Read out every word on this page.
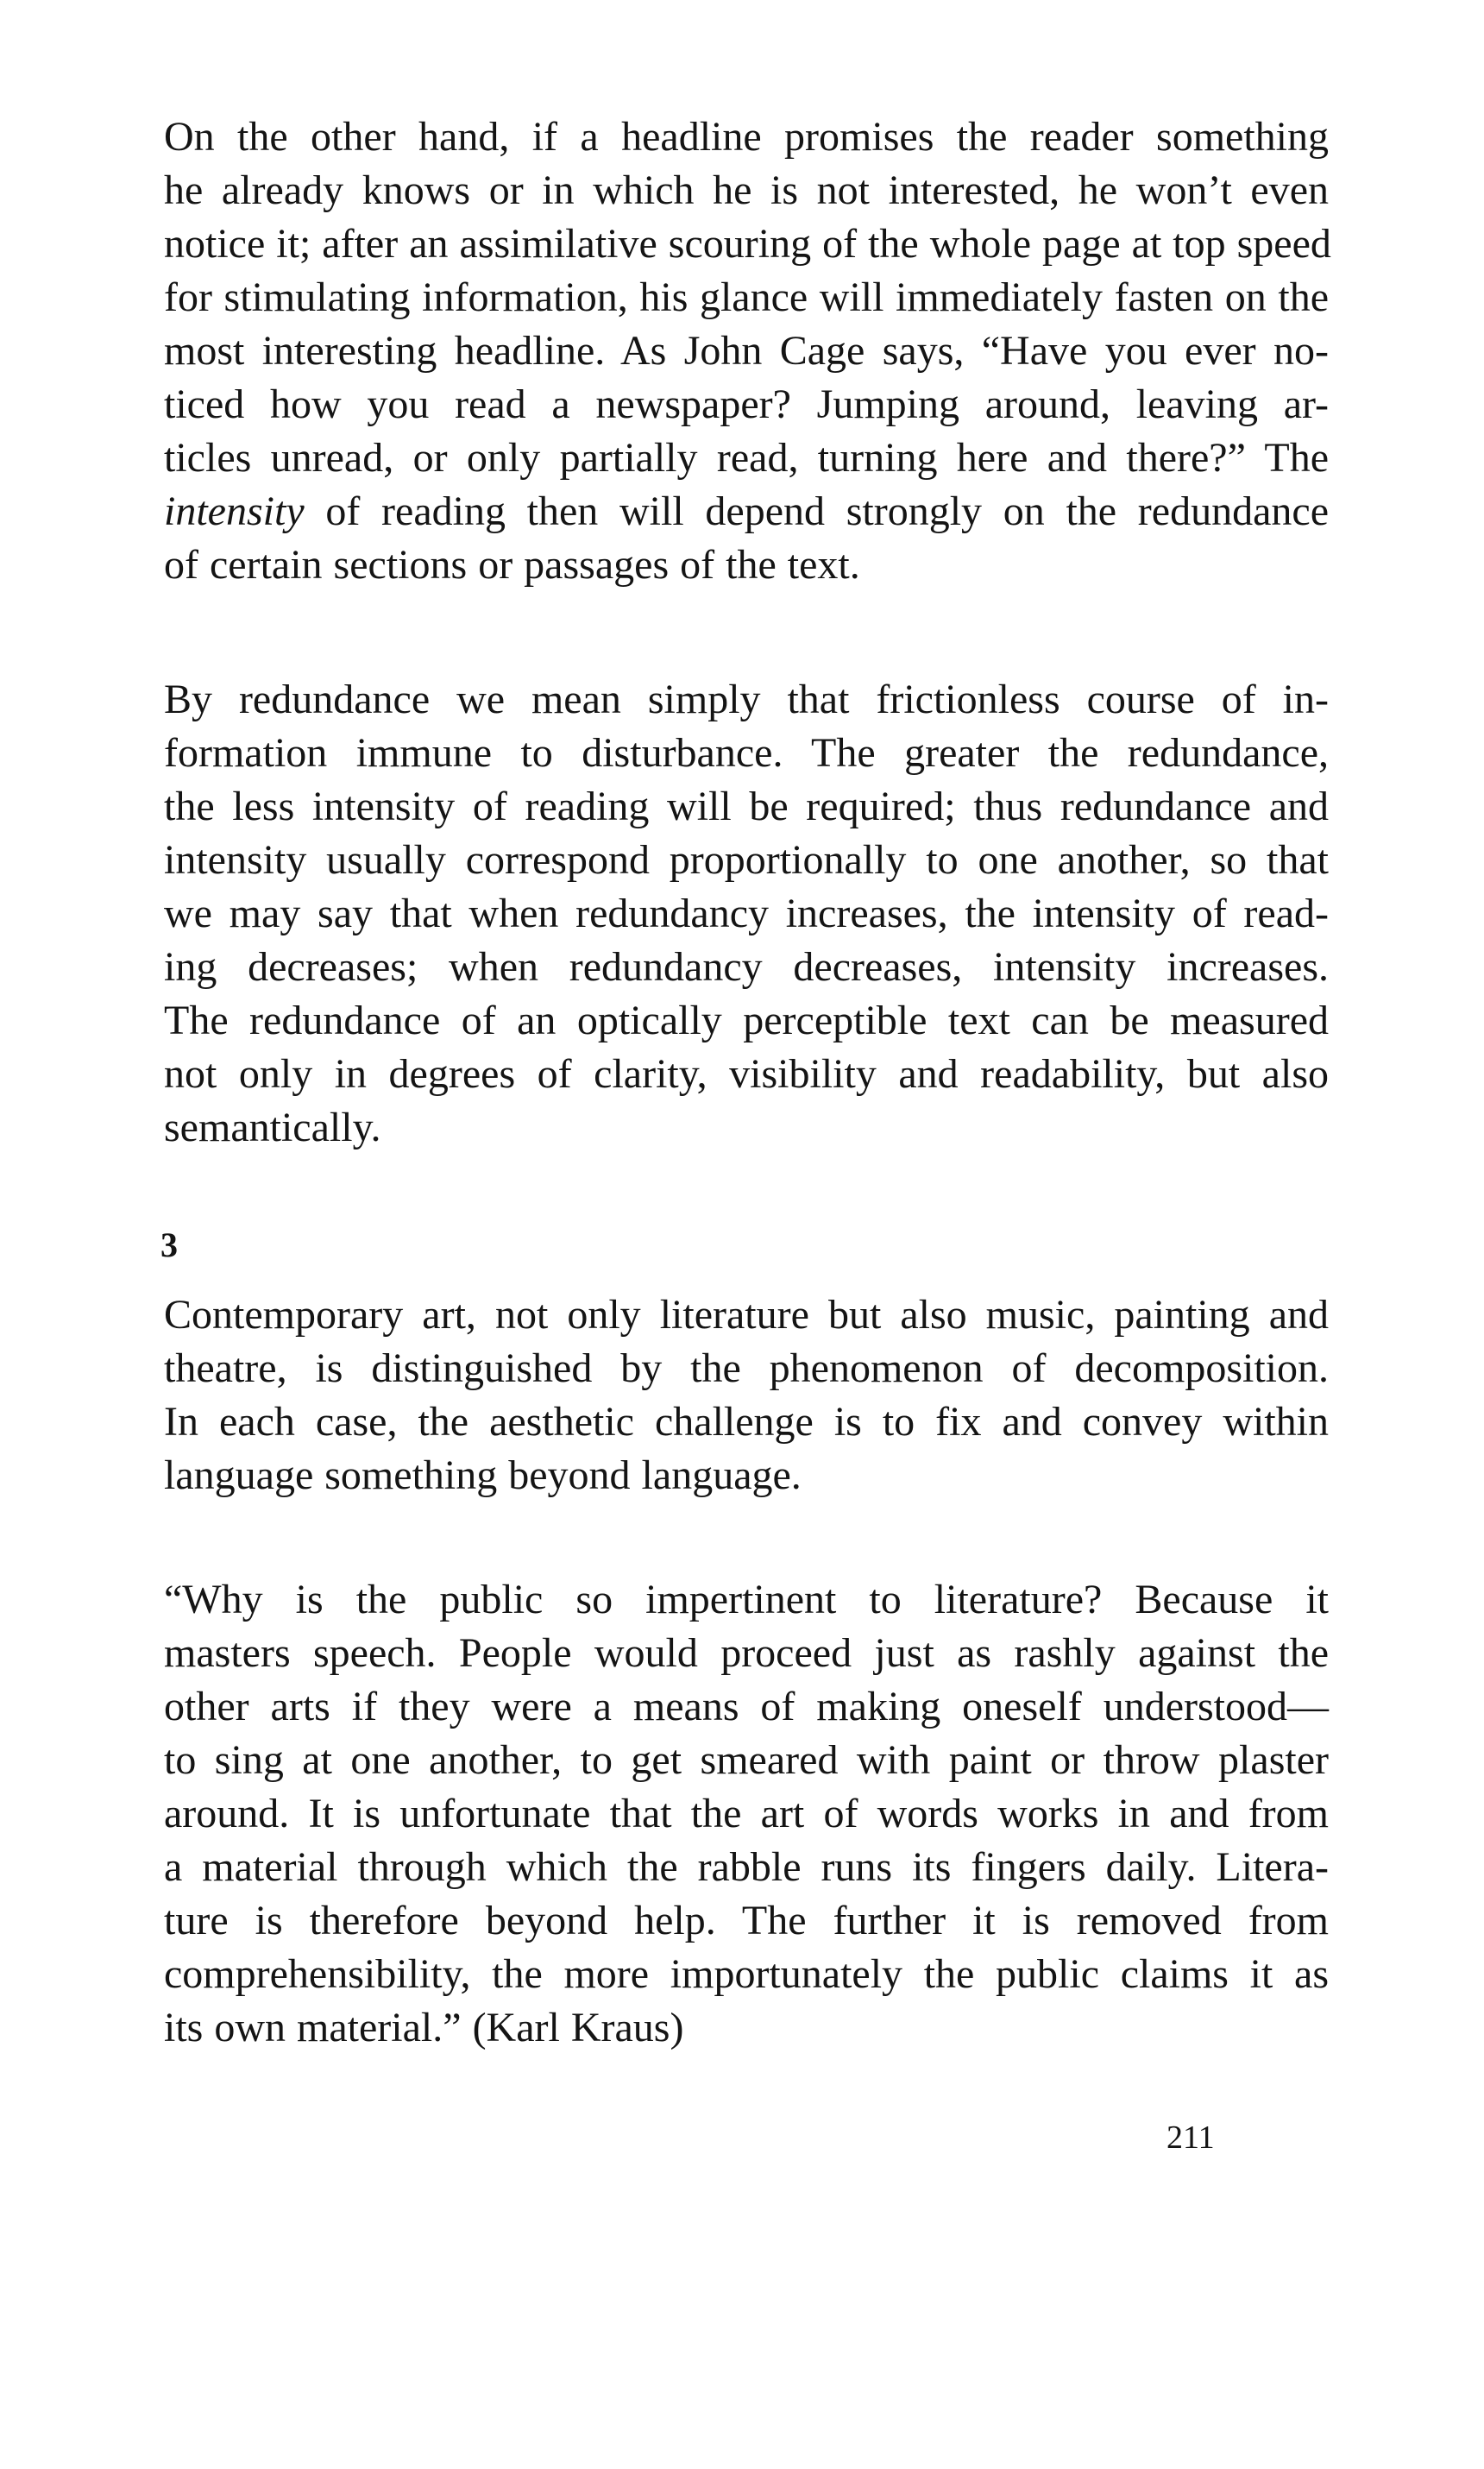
On the other hand, if a headline promises the reader something
he already knows or in which he is not interested, he won’t even
notice it; after an assimilative scouring of the whole page at top speed
for stimulating information, his glance will immediately fasten on the
most interesting headline. As John Cage says, “Have you ever no-
ticed how you read a newspaper? Jumping around, leaving ar-
ticles unread, or only partially read, turning here and there?” The
intensity of reading then will depend strongly on the redundance
of certain sections or passages of the text.
By redundance we mean simply that frictionless course of in-
formation immune to disturbance. The greater the redundance,
the less intensity of reading will be required; thus redundance and
intensity usually correspond proportionally to one another, so that
we may say that when redundancy increases, the intensity of read-
ing decreases; when redundancy decreases, intensity increases.
The redundance of an optically perceptible text can be measured
not only in degrees of clarity, visibility and readability, but also
semantically.
3
Contemporary art, not only literature but also music, painting and
theatre, is distinguished by the phenomenon of decomposition.
In each case, the aesthetic challenge is to fix and convey within
language something beyond language.
“Why is the public so impertinent to literature? Because it
masters speech. People would proceed just as rashly against the
other arts if they were a means of making oneself understood—
to sing at one another, to get smeared with paint or throw plaster
around. It is unfortunate that the art of words works in and from
a material through which the rabble runs its fingers daily. Litera-
ture is therefore beyond help. The further it is removed from
comprehensibility, the more importunately the public claims it as
its own material.” (Karl Kraus)
211
